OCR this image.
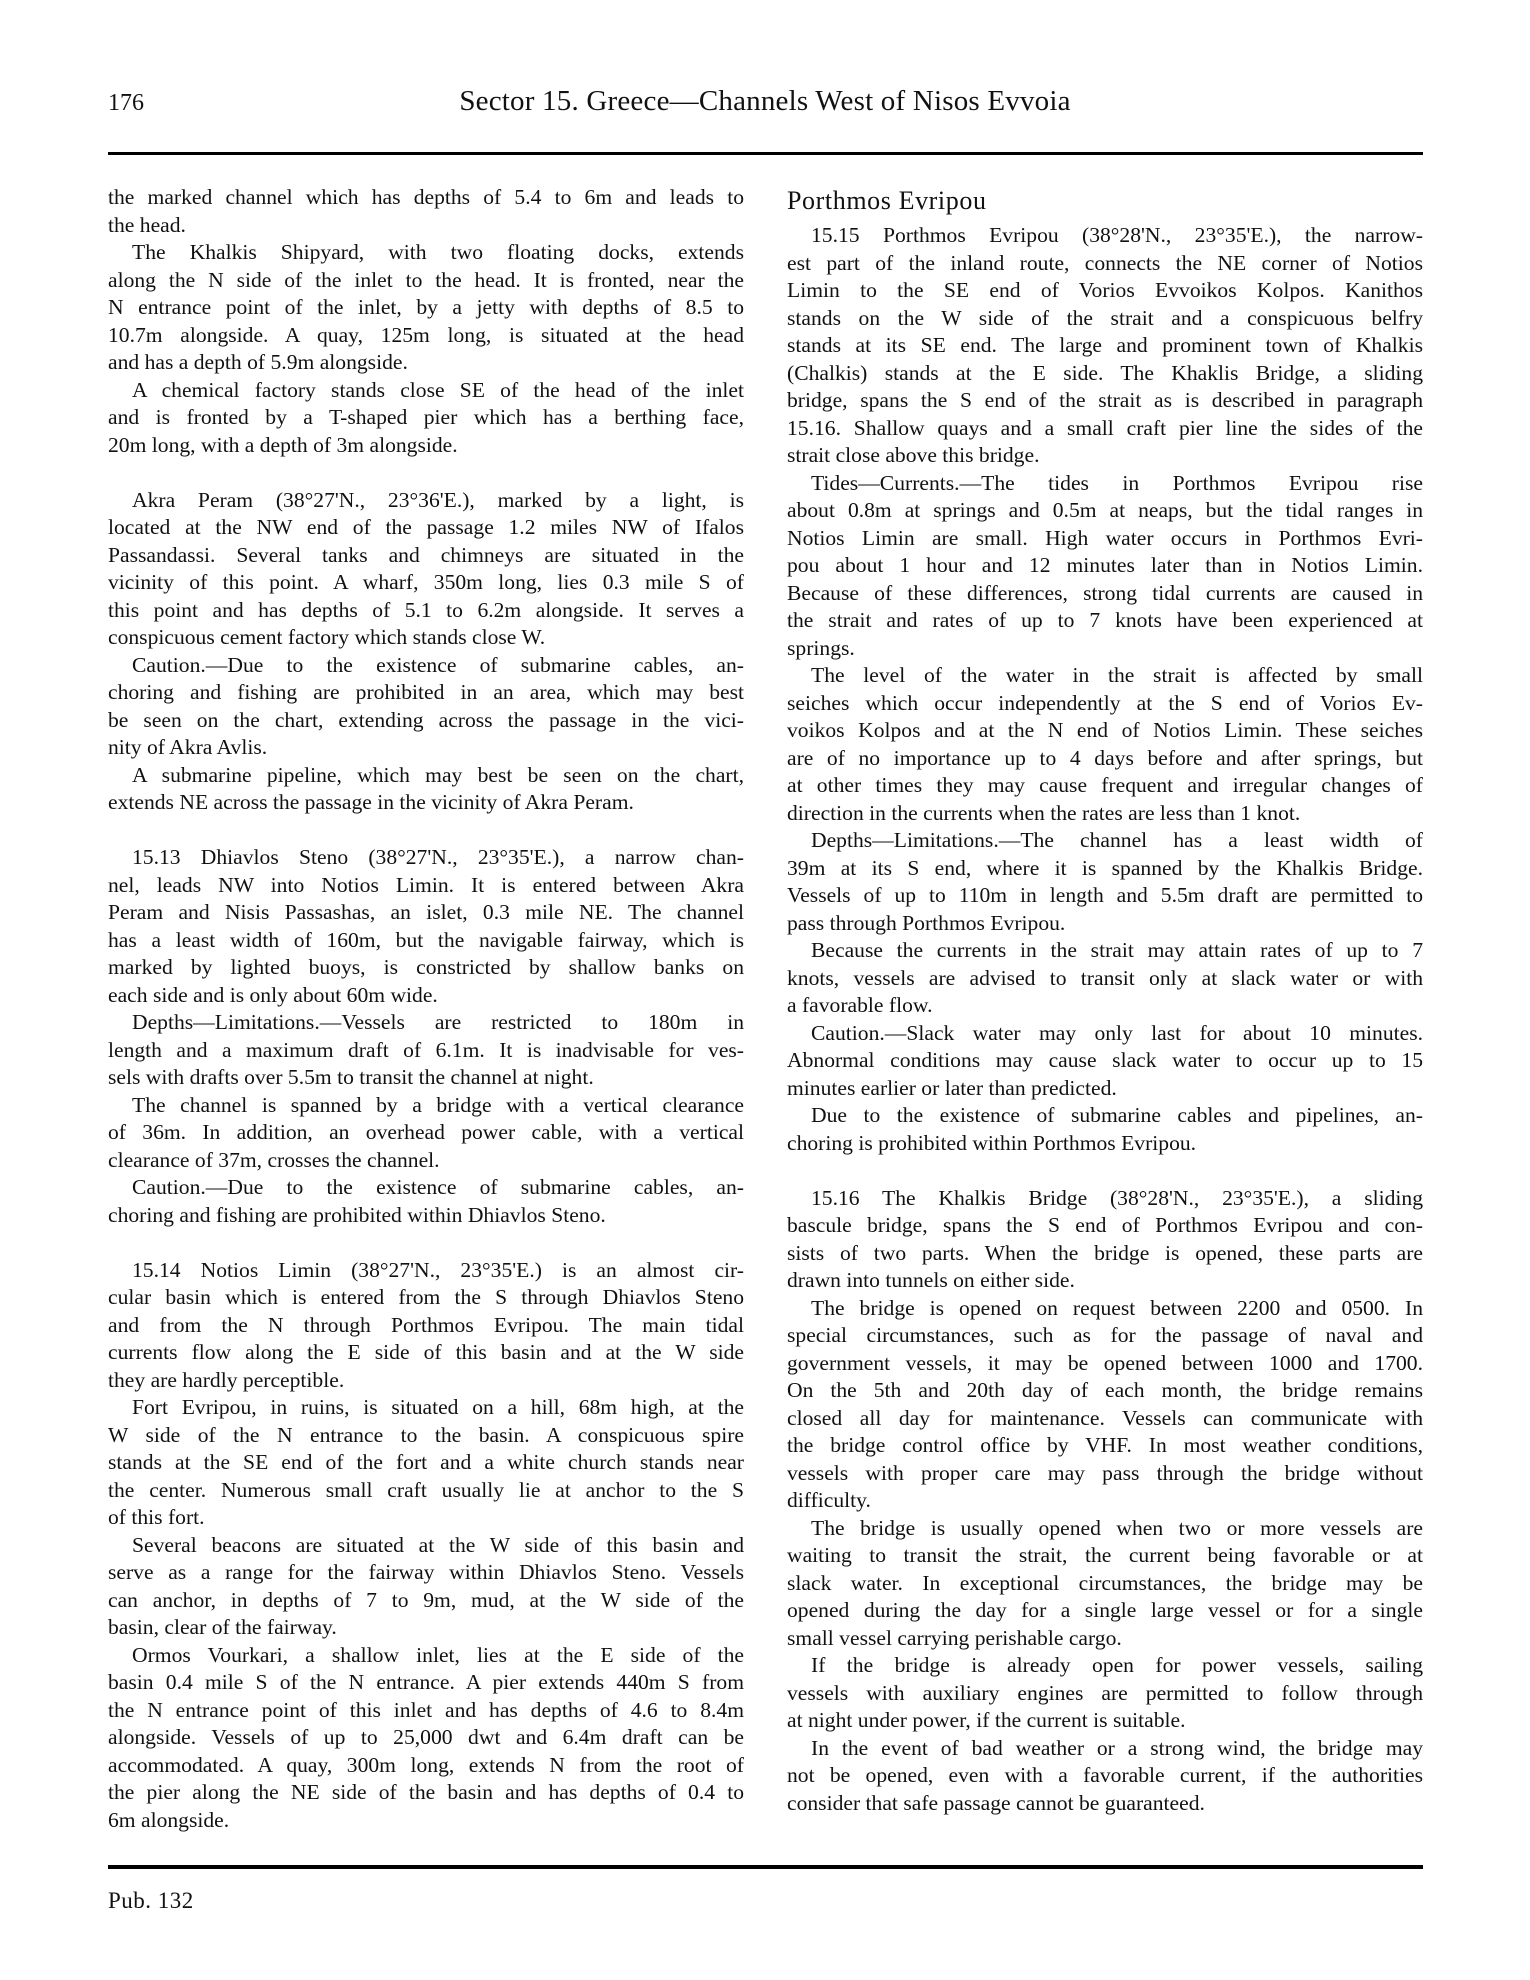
176	Sector 15. Greece—Channels West of Nisos Evvoia
the marked channel which has depths of 5.4 to 6m and leads to
the head.
The Khalkis Shipyard, with two floating docks, extends
along the N side of the inlet to the head. It is fronted, near the
N entrance point of the inlet, by a jetty with depths of 8.5 to
10.7m alongside. A quay, 125m long, is situated at the head
and has a depth of 5.9m alongside.
A chemical factory stands close SE of the head of the inlet
and is fronted by a T-shaped pier which has a berthing face,
20m long, with a depth of 3m alongside.
Akra Peram (38°27'N., 23°36'E.), marked by a light, is
located at the NW end of the passage 1.2 miles NW of Ifalos
Passandassi. Several tanks and chimneys are situated in the
vicinity of this point. A wharf, 350m long, lies 0.3 mile S of
this point and has depths of 5.1 to 6.2m alongside. It serves a
conspicuous cement factory which stands close W.
Caution.—Due to the existence of submarine cables, an-
choring and fishing are prohibited in an area, which may best
be seen on the chart, extending across the passage in the vici-
nity of Akra Avlis.
A submarine pipeline, which may best be seen on the chart,
extends NE across the passage in the vicinity of Akra Peram.
15.13 Dhiavlos Steno (38°27'N., 23°35'E.), a narrow chan-
nel, leads NW into Notios Limin. It is entered between Akra
Peram and Nisis Passashas, an islet, 0.3 mile NE. The channel
has a least width of 160m, but the navigable fairway, which is
marked by lighted buoys, is constricted by shallow banks on
each side and is only about 60m wide.
Depths—Limitations.—Vessels are restricted to 180m in
length and a maximum draft of 6.1m. It is inadvisable for ves-
sels with drafts over 5.5m to transit the channel at night.
The channel is spanned by a bridge with a vertical clearance
of 36m. In addition, an overhead power cable, with a vertical
clearance of 37m, crosses the channel.
Caution.—Due to the existence of submarine cables, an-
choring and fishing are prohibited within Dhiavlos Steno.
15.14 Notios Limin (38°27'N., 23°35'E.) is an almost cir-
cular basin which is entered from the S through Dhiavlos Steno
and from the N through Porthmos Evripou. The main tidal
currents flow along the E side of this basin and at the W side
they are hardly perceptible.
Fort Evripou, in ruins, is situated on a hill, 68m high, at the
W side of the N entrance to the basin. A conspicuous spire
stands at the SE end of the fort and a white church stands near
the center. Numerous small craft usually lie at anchor to the S
of this fort.
Several beacons are situated at the W side of this basin and
serve as a range for the fairway within Dhiavlos Steno. Vessels
can anchor, in depths of 7 to 9m, mud, at the W side of the
basin, clear of the fairway.
Ormos Vourkari, a shallow inlet, lies at the E side of the
basin 0.4 mile S of the N entrance. A pier extends 440m S from
the N entrance point of this inlet and has depths of 4.6 to 8.4m
alongside. Vessels of up to 25,000 dwt and 6.4m draft can be
accommodated. A quay, 300m long, extends N from the root of
the pier along the NE side of the basin and has depths of 0.4 to
6m alongside.
Porthmos Evripou
15.15 Porthmos Evripou (38°28'N., 23°35'E.), the narrow-
est part of the inland route, connects the NE corner of Notios
Limin to the SE end of Vorios Evvoikos Kolpos. Kanithos
stands on the W side of the strait and a conspicuous belfry
stands at its SE end. The large and prominent town of Khalkis
(Chalkis) stands at the E side. The Khaklis Bridge, a sliding
bridge, spans the S end of the strait as is described in paragraph
15.16. Shallow quays and a small craft pier line the sides of the
strait close above this bridge.
Tides—Currents.—The tides in Porthmos Evripou rise
about 0.8m at springs and 0.5m at neaps, but the tidal ranges in
Notios Limin are small. High water occurs in Porthmos Evri-
pou about 1 hour and 12 minutes later than in Notios Limin.
Because of these differences, strong tidal currents are caused in
the strait and rates of up to 7 knots have been experienced at
springs.
The level of the water in the strait is affected by small
seiches which occur independently at the S end of Vorios Ev-
voikos Kolpos and at the N end of Notios Limin. These seiches
are of no importance up to 4 days before and after springs, but
at other times they may cause frequent and irregular changes of
direction in the currents when the rates are less than 1 knot.
Depths—Limitations.—The channel has a least width of
39m at its S end, where it is spanned by the Khalkis Bridge.
Vessels of up to 110m in length and 5.5m draft are permitted to
pass through Porthmos Evripou.
Because the currents in the strait may attain rates of up to 7
knots, vessels are advised to transit only at slack water or with
a favorable flow.
Caution.—Slack water may only last for about 10 minutes.
Abnormal conditions may cause slack water to occur up to 15
minutes earlier or later than predicted.
Due to the existence of submarine cables and pipelines, an-
choring is prohibited within Porthmos Evripou.
15.16 The Khalkis Bridge (38°28'N., 23°35'E.), a sliding
bascule bridge, spans the S end of Porthmos Evripou and con-
sists of two parts. When the bridge is opened, these parts are
drawn into tunnels on either side.
The bridge is opened on request between 2200 and 0500. In
special circumstances, such as for the passage of naval and
government vessels, it may be opened between 1000 and 1700.
On the 5th and 20th day of each month, the bridge remains
closed all day for maintenance. Vessels can communicate with
the bridge control office by VHF. In most weather conditions,
vessels with proper care may pass through the bridge without
difficulty.
The bridge is usually opened when two or more vessels are
waiting to transit the strait, the current being favorable or at
slack water. In exceptional circumstances, the bridge may be
opened during the day for a single large vessel or for a single
small vessel carrying perishable cargo.
If the bridge is already open for power vessels, sailing
vessels with auxiliary engines are permitted to follow through
at night under power, if the current is suitable.
In the event of bad weather or a strong wind, the bridge may
not be opened, even with a favorable current, if the authorities
consider that safe passage cannot be guaranteed.
Pub. 132
